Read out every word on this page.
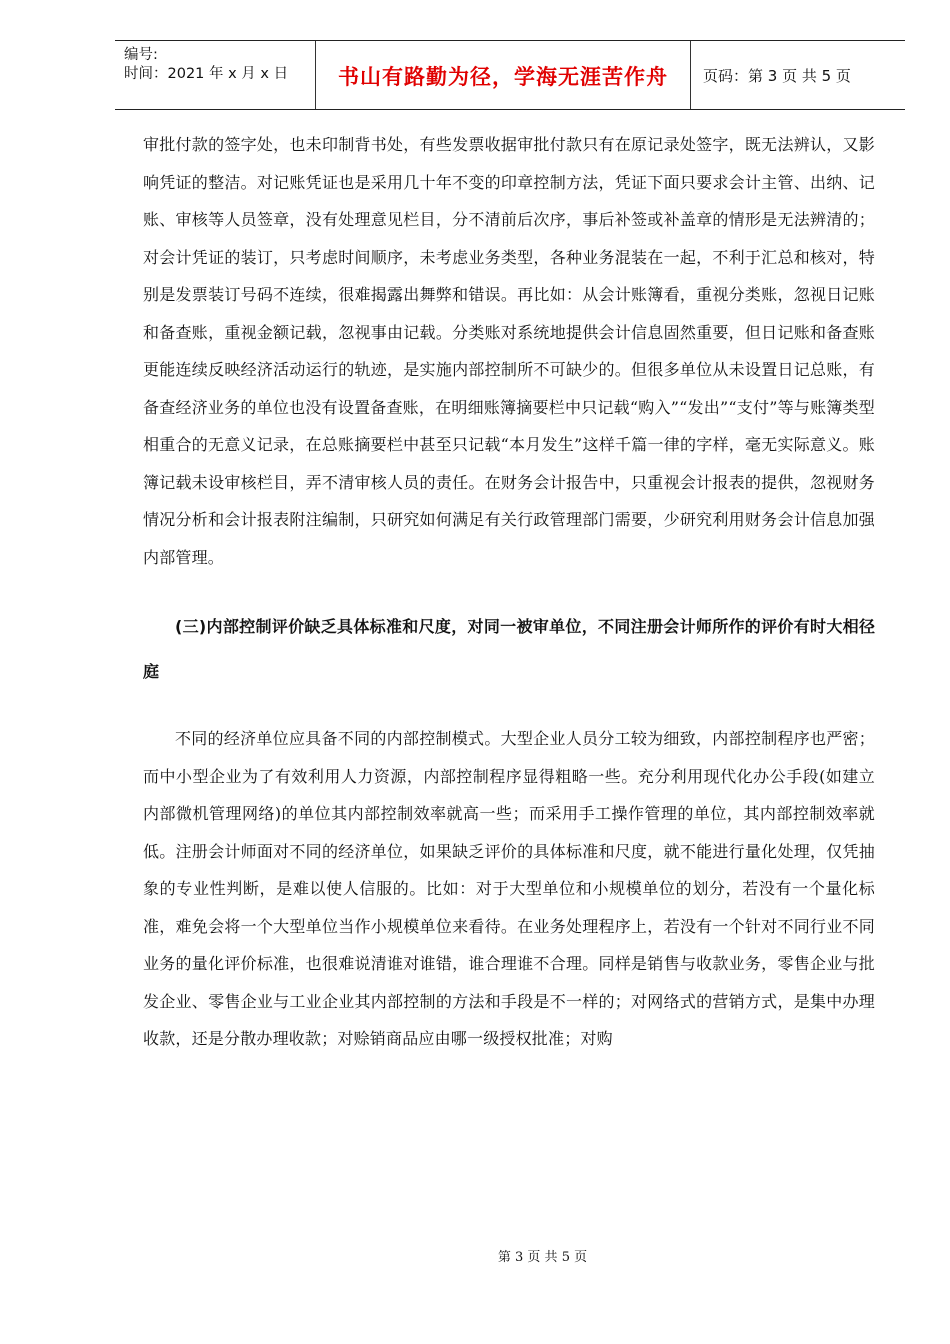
编号:
时间：2021 年 x 月 x 日	书山有路勤为径，学海无涯苦作舟	页码：第 3 页 共 5 页

审批付款的签字处，也未印制背书处，有些发票收据审批付款只有在原记录处签字，既无法辨认，又影响凭证的整洁。对记账凭证也是采用几十年不变的印章控制方法，凭证下面只要求会计主管、出纳、记账、审核等人员签章，没有处理意见栏目，分不清前后次序，事后补签或补盖章的情形是无法辨清的；对会计凭证的装订，只考虑时间顺序，未考虑业务类型，各种业务混装在一起，不利于汇总和核对，特别是发票装订号码不连续，很难揭露出舞弊和错误。再比如：从会计账簿看，重视分类账，忽视日记账和备查账，重视金额记载，忽视事由记载。分类账对系统地提供会计信息固然重要，但日记账和备查账更能连续反映经济活动运行的轨迹，是实施内部控制所不可缺少的。但很多单位从未设置日记总账，有备查经济业务的单位也没有设置备查账，在明细账簿摘要栏中只记载“购入”“发出”“支付”等与账簿类型相重合的无意义记录，在总账摘要栏中甚至只记载“本月发生”这样千篇一律的字样，毫无实际意义。账簿记载未设审核栏目，弄不清审核人员的责任。在财务会计报告中，只重视会计报表的提供，忽视财务情况分析和会计报表附注编制，只研究如何满足有关行政管理部门需要，少研究利用财务会计信息加强内部管理。

(三)内部控制评价缺乏具体标准和尺度，对同一被审单位，不同注册会计师所作的评价有时大相径庭

不同的经济单位应具备不同的内部控制模式。大型企业人员分工较为细致，内部控制程序也严密；而中小型企业为了有效利用人力资源，内部控制程序显得粗略一些。充分利用现代化办公手段(如建立内部微机管理网络)的单位其内部控制效率就高一些；而采用手工操作管理的单位，其内部控制效率就低。注册会计师面对不同的经济单位，如果缺乏评价的具体标准和尺度，就不能进行量化处理，仅凭抽象的专业性判断，是难以使人信服的。比如：对于大型单位和小规模单位的划分，若没有一个量化标准，难免会将一个大型单位当作小规模单位来看待。在业务处理程序上，若没有一个针对不同行业不同业务的量化评价标准，也很难说清谁对谁错，谁合理谁不合理。同样是销售与收款业务，零售企业与批发企业、零售企业与工业企业其内部控制的方法和手段是不一样的；对网络式的营销方式，是集中办理收款，还是分散办理收款；对赊销商品应由哪一级授权批准；对购

第 3 页 共 5 页
